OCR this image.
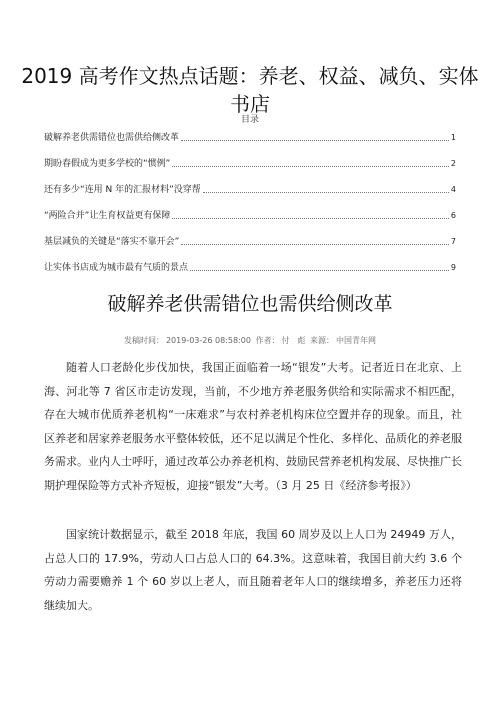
2019 高考作文热点话题：养老、权益、减负、实体书店
目录
破解养老供需错位也需供给侧改革	1
期盼春假成为更多学校的“惯例”	2
还有多少“连用 N 年的汇报材料”没穿帮	4
“两险合并”让生育权益更有保障	6
基层减负的关键是“落实不靠开会”	7
让实体书店成为城市最有气质的景点	9
破解养老供需错位也需供给侧改革
发稿时间： 2019-03-26 08:58:00 作者： 付　彪 来源： 中国青年网

随着人口老龄化步伐加快，我国正面临着一场“银发”大考。记者近日在北京、上海、河北等 7 省区市走访发现，当前，不少地方养老服务供给和实际需求不相匹配，存在大城市优质养老机构“一床难求”与农村养老机构床位空置并存的现象。而且，社区养老和居家养老服务水平整体较低，还不足以满足个性化、多样化、品质化的养老服务需求。业内人士呼吁，通过改革公办养老机构、鼓励民营养老机构发展、尽快推广长期护理保险等方式补齐短板，迎接“银发”大考。（3 月 25 日《经济参考报》）

国家统计数据显示，截至 2018 年底，我国 60 周岁及以上人口为 24949 万人，占总人口的 17.9%，劳动人口占总人口的 64.3%。这意味着，我国目前大约 3.6 个劳动力需要赡养 1 个 60 岁以上老人，而且随着老年人口的继续增多，养老压力还将继续加大。
